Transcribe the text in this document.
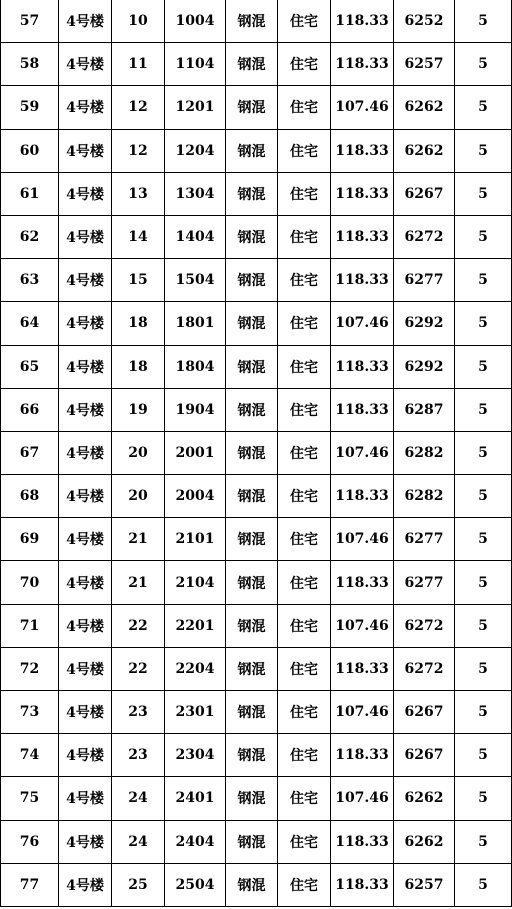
57	4号楼	10	1004	钢混	住宅	118.33	6252	5
58	4号楼	11	1104	钢混	住宅	118.33	6257	5
59	4号楼	12	1201	钢混	住宅	107.46	6262	5
60	4号楼	12	1204	钢混	住宅	118.33	6262	5
61	4号楼	13	1304	钢混	住宅	118.33	6267	5
62	4号楼	14	1404	钢混	住宅	118.33	6272	5
63	4号楼	15	1504	钢混	住宅	118.33	6277	5
64	4号楼	18	1801	钢混	住宅	107.46	6292	5
65	4号楼	18	1804	钢混	住宅	118.33	6292	5
66	4号楼	19	1904	钢混	住宅	118.33	6287	5
67	4号楼	20	2001	钢混	住宅	107.46	6282	5
68	4号楼	20	2004	钢混	住宅	118.33	6282	5
69	4号楼	21	2101	钢混	住宅	107.46	6277	5
70	4号楼	21	2104	钢混	住宅	118.33	6277	5
71	4号楼	22	2201	钢混	住宅	107.46	6272	5
72	4号楼	22	2204	钢混	住宅	118.33	6272	5
73	4号楼	23	2301	钢混	住宅	107.46	6267	5
74	4号楼	23	2304	钢混	住宅	118.33	6267	5
75	4号楼	24	2401	钢混	住宅	107.46	6262	5
76	4号楼	24	2404	钢混	住宅	118.33	6262	5
77	4号楼	25	2504	钢混	住宅	118.33	6257	5
